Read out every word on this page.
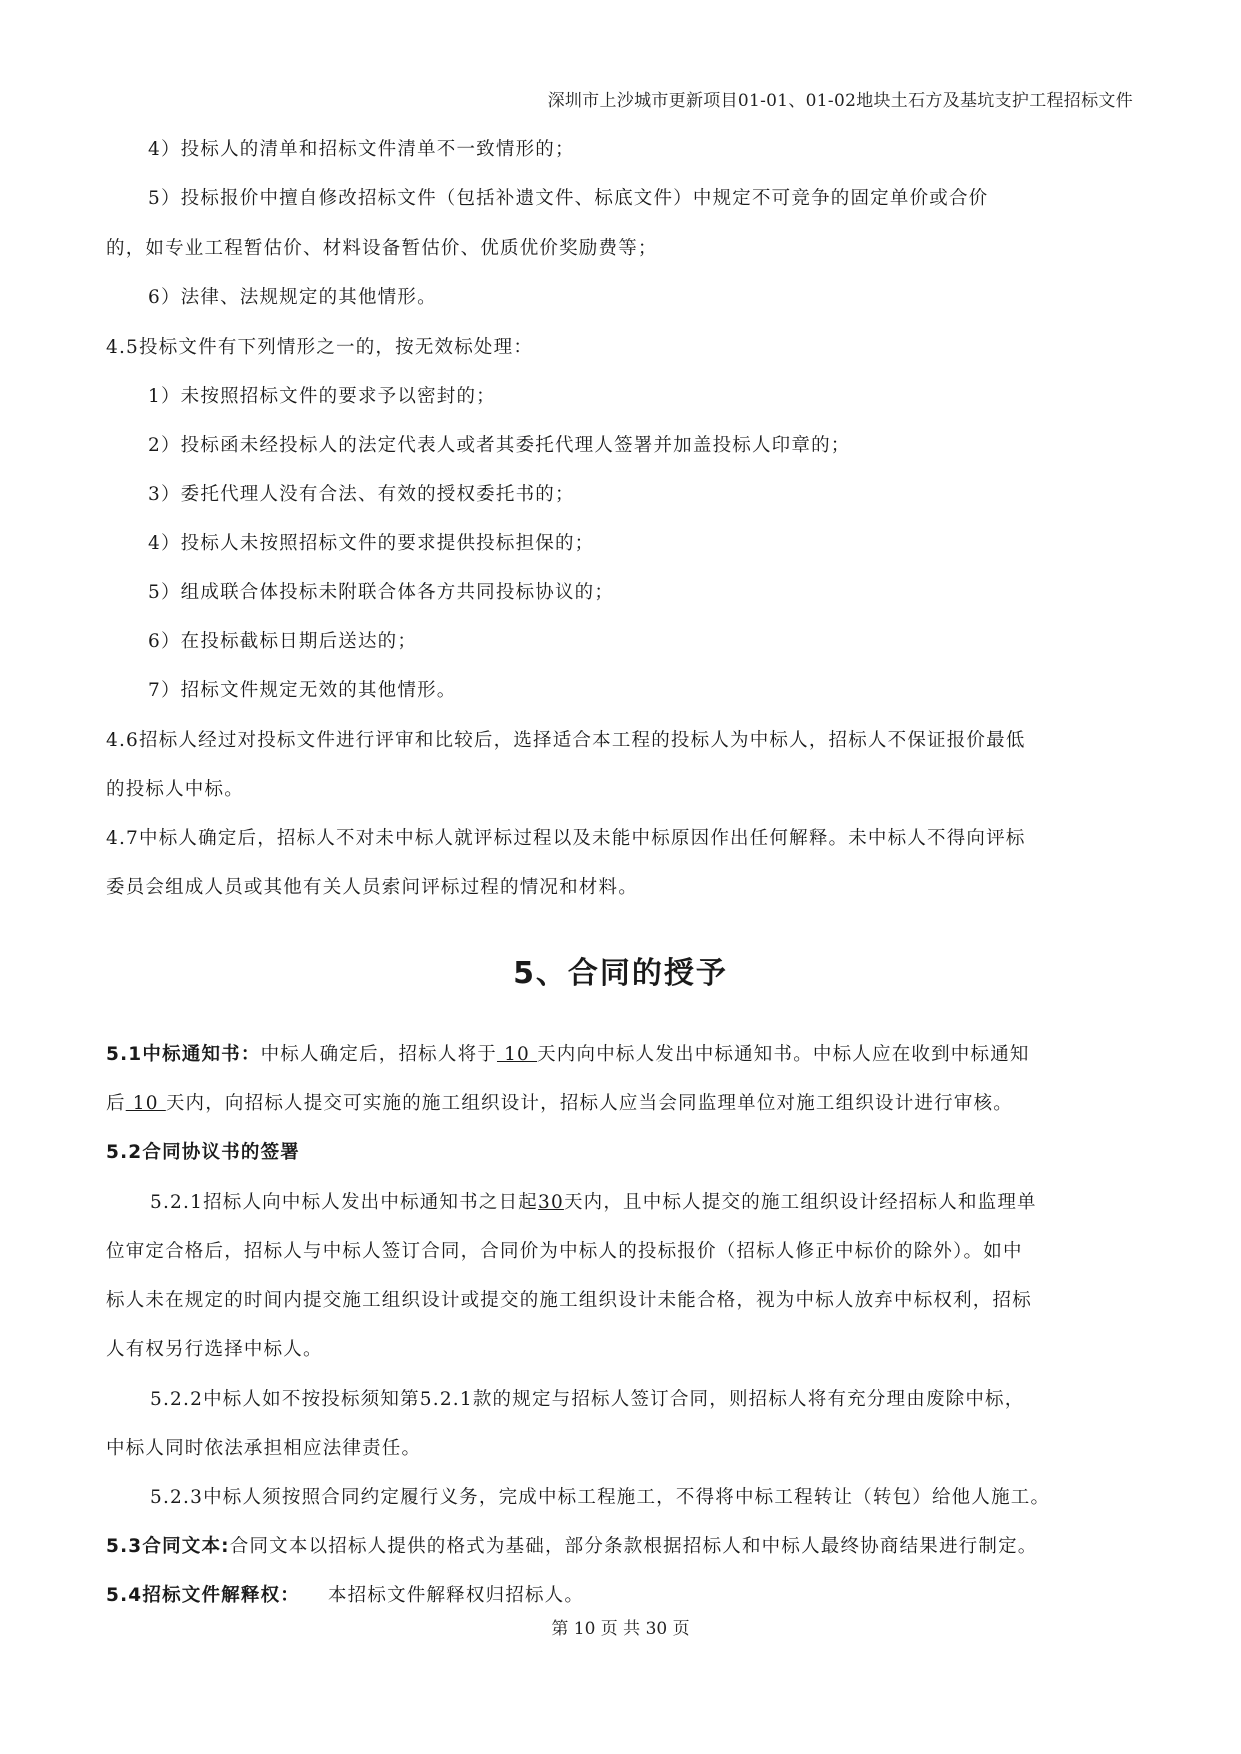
深圳市上沙城市更新项目01-01、01-02地块土石方及基坑支护工程招标文件
4）投标人的清单和招标文件清单不一致情形的；
5）投标报价中擅自修改招标文件（包括补遗文件、标底文件）中规定不可竞争的固定单价或合价
的，如专业工程暂估价、材料设备暂估价、优质优价奖励费等；
6）法律、法规规定的其他情形。
4.5投标文件有下列情形之一的，按无效标处理：
1）未按照招标文件的要求予以密封的；
2）投标函未经投标人的法定代表人或者其委托代理人签署并加盖投标人印章的；
3）委托代理人没有合法、有效的授权委托书的；
4）投标人未按照招标文件的要求提供投标担保的；
5）组成联合体投标未附联合体各方共同投标协议的；
6）在投标截标日期后送达的；
7）招标文件规定无效的其他情形。
4.6招标人经过对投标文件进行评审和比较后，选择适合本工程的投标人为中标人，招标人不保证报价最低
的投标人中标。
4.7中标人确定后，招标人不对未中标人就评标过程以及未能中标原因作出任何解释。未中标人不得向评标
委员会组成人员或其他有关人员索问评标过程的情况和材料。
5、合同的授予
5.1中标通知书：中标人确定后，招标人将于 10 天内向中标人发出中标通知书。中标人应在收到中标通知
后 10 天内，向招标人提交可实施的施工组织设计，招标人应当会同监理单位对施工组织设计进行审核。
5.2合同协议书的签署
5.2.1招标人向中标人发出中标通知书之日起30天内，且中标人提交的施工组织设计经招标人和监理单
位审定合格后，招标人与中标人签订合同，合同价为中标人的投标报价（招标人修正中标价的除外）。如中
标人未在规定的时间内提交施工组织设计或提交的施工组织设计未能合格，视为中标人放弃中标权利，招标
人有权另行选择中标人。
5.2.2中标人如不按投标须知第5.2.1款的规定与招标人签订合同，则招标人将有充分理由废除中标，
中标人同时依法承担相应法律责任。
5.2.3中标人须按照合同约定履行义务，完成中标工程施工，不得将中标工程转让（转包）给他人施工。
5.3合同文本:合同文本以招标人提供的格式为基础，部分条款根据招标人和中标人最终协商结果进行制定。
5.4招标文件解释权： 本招标文件解释权归招标人。
第 10 页 共 30 页
